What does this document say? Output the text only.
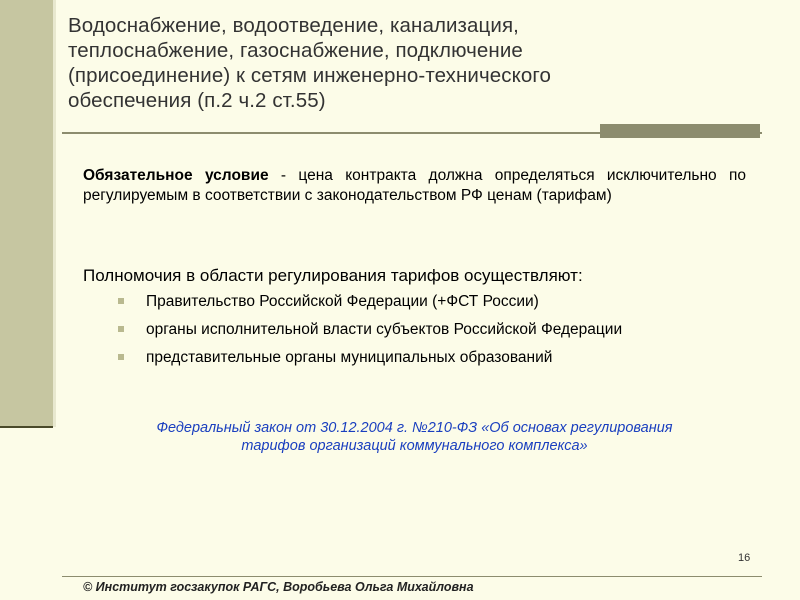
Водоснабжение, водоотведение, канализация,
теплоснабжение, газоснабжение, подключение
(присоединение) к сетям инженерно-технического
обеспечения (п.2 ч.2 ст.55)
Обязательное условие - цена контракта должна определяться исключительно по регулируемым в соответствии с законодательством РФ ценам (тарифам)
Полномочия в области регулирования тарифов осуществляют:
Правительство Российской Федерации (+ФСТ России)
органы исполнительной власти субъектов Российской Федерации
представительные органы муниципальных образований
Федеральный закон от 30.12.2004 г. №210-ФЗ «Об основах регулирования
тарифов организаций коммунального комплекса»
16
© Институт госзакупок РАГС, Воробьева Ольга Михайловна
